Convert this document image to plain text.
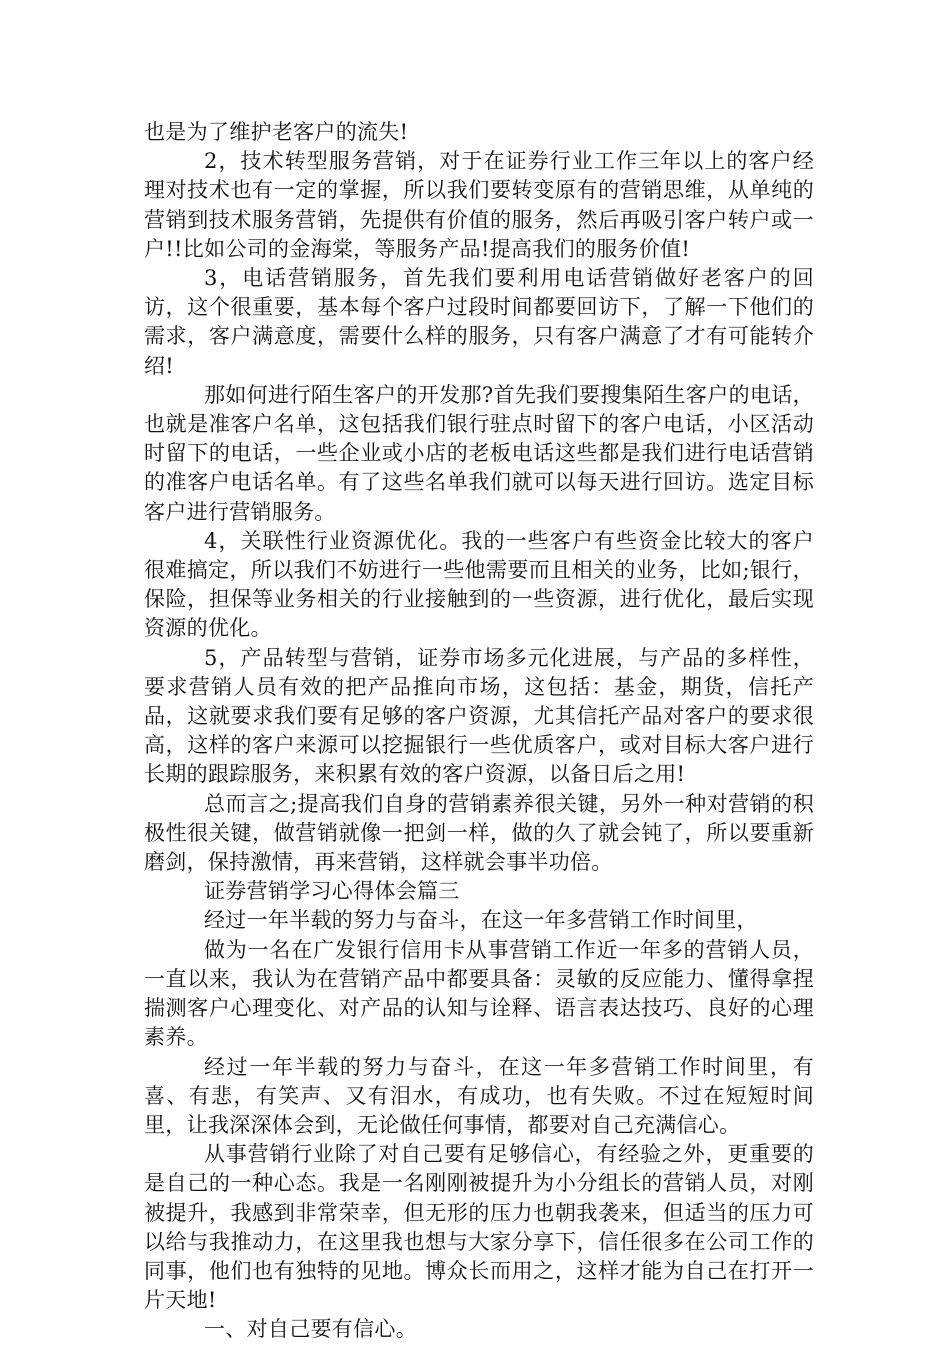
也是为了维护老客户的流失!

2，技术转型服务营销，对于在证券行业工作三年以上的客户经理对技术也有一定的掌握，所以我们要转变原有的营销思维，从单纯的营销到技术服务营销，先提供有价值的服务，然后再吸引客户转户或一户!!比如公司的金海棠，等服务产品!提高我们的服务价值!

3，电话营销服务，首先我们要利用电话营销做好老客户的回访，这个很重要，基本每个客户过段时间都要回访下，了解一下他们的需求，客户满意度，需要什么样的服务，只有客户满意了才有可能转介绍!

那如何进行陌生客户的开发那?首先我们要搜集陌生客户的电话，也就是准客户名单，这包括我们银行驻点时留下的客户电话，小区活动时留下的电话，一些企业或小店的老板电话这些都是我们进行电话营销的准客户电话名单。有了这些名单我们就可以每天进行回访。选定目标客户进行营销服务。

4，关联性行业资源优化。我的一些客户有些资金比较大的客户很难搞定，所以我们不妨进行一些他需要而且相关的业务，比如;银行，保险，担保等业务相关的行业接触到的一些资源，进行优化，最后实现资源的优化。

5，产品转型与营销，证券市场多元化进展，与产品的多样性，要求营销人员有效的把产品推向市场，这包括：基金，期货，信托产品，这就要求我们要有足够的客户资源，尤其信托产品对客户的要求很高，这样的客户来源可以挖掘银行一些优质客户，或对目标大客户进行长期的跟踪服务，来积累有效的客户资源，以备日后之用!

总而言之;提高我们自身的营销素养很关键，另外一种对营销的积极性很关键，做营销就像一把剑一样，做的久了就会钝了，所以要重新磨剑，保持激情，再来营销，这样就会事半功倍。

证券营销学习心得体会篇三

经过一年半载的努力与奋斗，在这一年多营销工作时间里，

做为一名在广发银行信用卡从事营销工作近一年多的营销人员，一直以来，我认为在营销产品中都要具备：灵敏的反应能力、懂得拿捏揣测客户心理变化、对产品的认知与诠释、语言表达技巧、良好的心理素养。

经过一年半载的努力与奋斗，在这一年多营销工作时间里，有喜、有悲，有笑声、又有泪水，有成功，也有失败。不过在短短时间里，让我深深体会到，无论做任何事情，都要对自己充满信心。

从事营销行业除了对自己要有足够信心，有经验之外，更重要的是自己的一种心态。我是一名刚刚被提升为小分组长的营销人员，对刚被提升，我感到非常荣幸，但无形的压力也朝我袭来，但适当的压力可以给与我推动力，在这里我也想与大家分享下，信任很多在公司工作的同事，他们也有独特的见地。博众长而用之，这样才能为自己在打开一片天地!

一、对自己要有信心。
